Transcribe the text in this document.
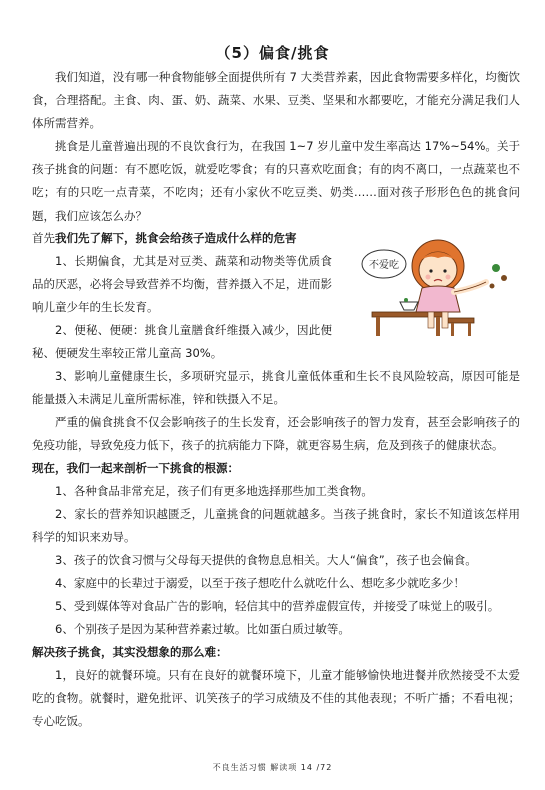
（5）偏食/挑食

我们知道，没有哪一种食物能够全面提供所有 7 大类营养素，因此食物需要多样化，均衡饮食，合理搭配。主食、肉、蛋、奶、蔬菜、水果、豆类、坚果和水都要吃，才能充分满足我们人体所需营养。

挑食是儿童普遍出现的不良饮食行为，在我国 1~7 岁儿童中发生率高达 17%~54%。关于孩子挑食的问题：有不愿吃饭，就爱吃零食；有的只喜欢吃面食；有的肉不离口，一点蔬菜也不吃；有的只吃一点青菜，不吃肉；还有小家伙不吃豆类、奶类……面对孩子形形色色的挑食问题，我们应该怎么办？

首先我们先了解下，挑食会给孩子造成什么样的危害

1、长期偏食，尤其是对豆类、蔬菜和动物类等优质食品的厌恶，必将会导致营养不均衡，营养摄入不足，进而影响儿童少年的生长发育。

2、便秘、便硬：挑食儿童膳食纤维摄入减少，因此便秘、便硬发生率较正常儿童高 30%。

3、影响儿童健康生长，多项研究显示，挑食儿童低体重和生长不良风险较高，原因可能是能量摄入未满足儿童所需标准，锌和铁摄入不足。

严重的偏食挑食不仅会影响孩子的生长发育，还会影响孩子的智力发育，甚至会影响孩子的免疫功能，导致免疫力低下，孩子的抗病能力下降，就更容易生病，危及到孩子的健康状态。

现在，我们一起来剖析一下挑食的根源：

1、各种食品非常充足，孩子们有更多地选择那些加工类食物。

2、家长的营养知识越匮乏，儿童挑食的问题就越多。当孩子挑食时，家长不知道该怎样用科学的知识来劝导。

3、孩子的饮食习惯与父母每天提供的食物息息相关。大人“偏食”，孩子也会偏食。

4、家庭中的长辈过于溺爱，以至于孩子想吃什么就吃什么、想吃多少就吃多少！

5、受到媒体等对食品广告的影响，轻信其中的营养虚假宣传，并接受了味觉上的吸引。

6、个别孩子是因为某种营养素过敏。比如蛋白质过敏等。

解决孩子挑食，其实没想象的那么难：

1，良好的就餐环境。只有在良好的就餐环境下，儿童才能够愉快地进餐并欣然接受不太爱吃的食物。就餐时，避免批评、讥笑孩子的学习成绩及不佳的其他表现；不听广播；不看电视；专心吃饭。

不爱吃
不良生活习惯 解读项 14 /72
